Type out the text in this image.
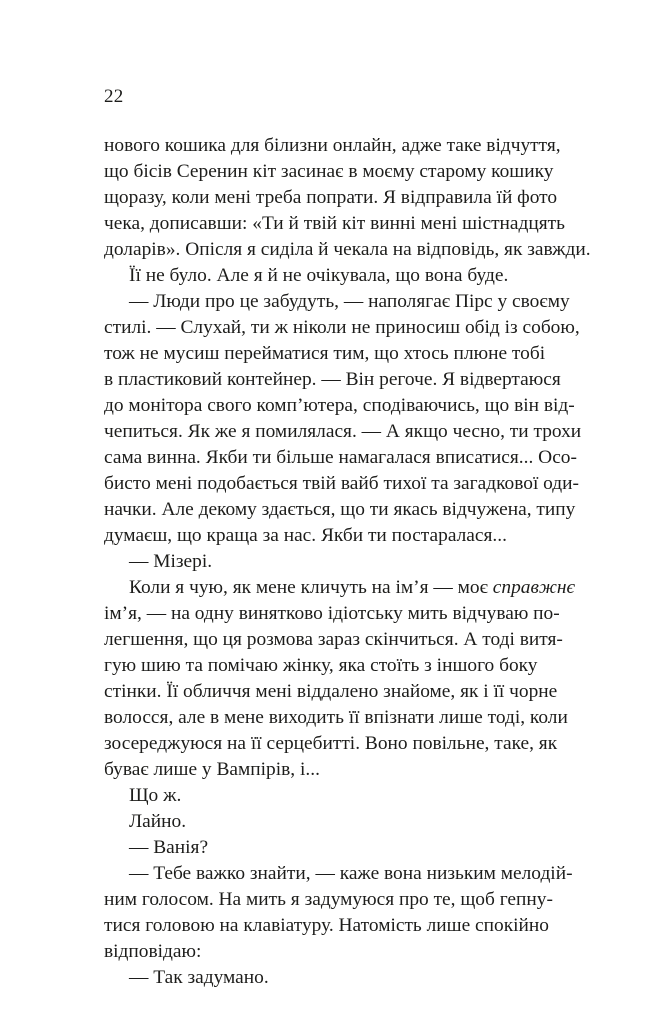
22
нового кошика для білизни онлайн, адже таке відчуття,
що бісів Серенин кіт засинає в моєму старому кошику
щоразу, коли мені треба попрати. Я відправила їй фото
чека, дописавши: «Ти й твій кіт винні мені шістнадцять
доларів». Опісля я сиділа й чекала на відповідь, як завжди.
Її не було. Але я й не очікувала, що вона буде.
— Люди про це забудуть, — наполягає Пірс у своєму
стилі. — Слухай, ти ж ніколи не приносиш обід із собою,
тож не мусиш перейматися тим, що хтось плюне тобі
в пластиковий контейнер. — Він регоче. Я відвертаюся
до монітора свого комп’ютера, сподіваючись, що він від-
чепиться. Як же я помилялася. — А якщо чесно, ти трохи
сама винна. Якби ти більше намагалася вписатися... Осо-
бисто мені подобається твій вайб тихої та загадкової оди-
начки. Але декому здається, що ти якась відчужена, типу
думаєш, що краща за нас. Якби ти постаралася...
— Мізері.
Коли я чую, як мене кличуть на ім’я — моє справжнє
ім’я, — на одну винятково ідіотську мить відчуваю по-
легшення, що ця розмова зараз скінчиться. А тоді витя-
гую шию та помічаю жінку, яка стоїть з іншого боку
стінки. Її обличчя мені віддалено знайоме, як і її чорне
волосся, але в мене виходить її впізнати лише тоді, коли
зосереджуюся на її серцебитті. Воно повільне, таке, як
буває лише у Вампірів, і...
Що ж.
Лайно.
— Ванія?
— Тебе важко знайти, — каже вона низьким мелодій-
ним голосом. На мить я задумуюся про те, щоб гепну-
тися головою на клавіатуру. Натомість лише спокійно
відповідаю:
— Так задумано.
